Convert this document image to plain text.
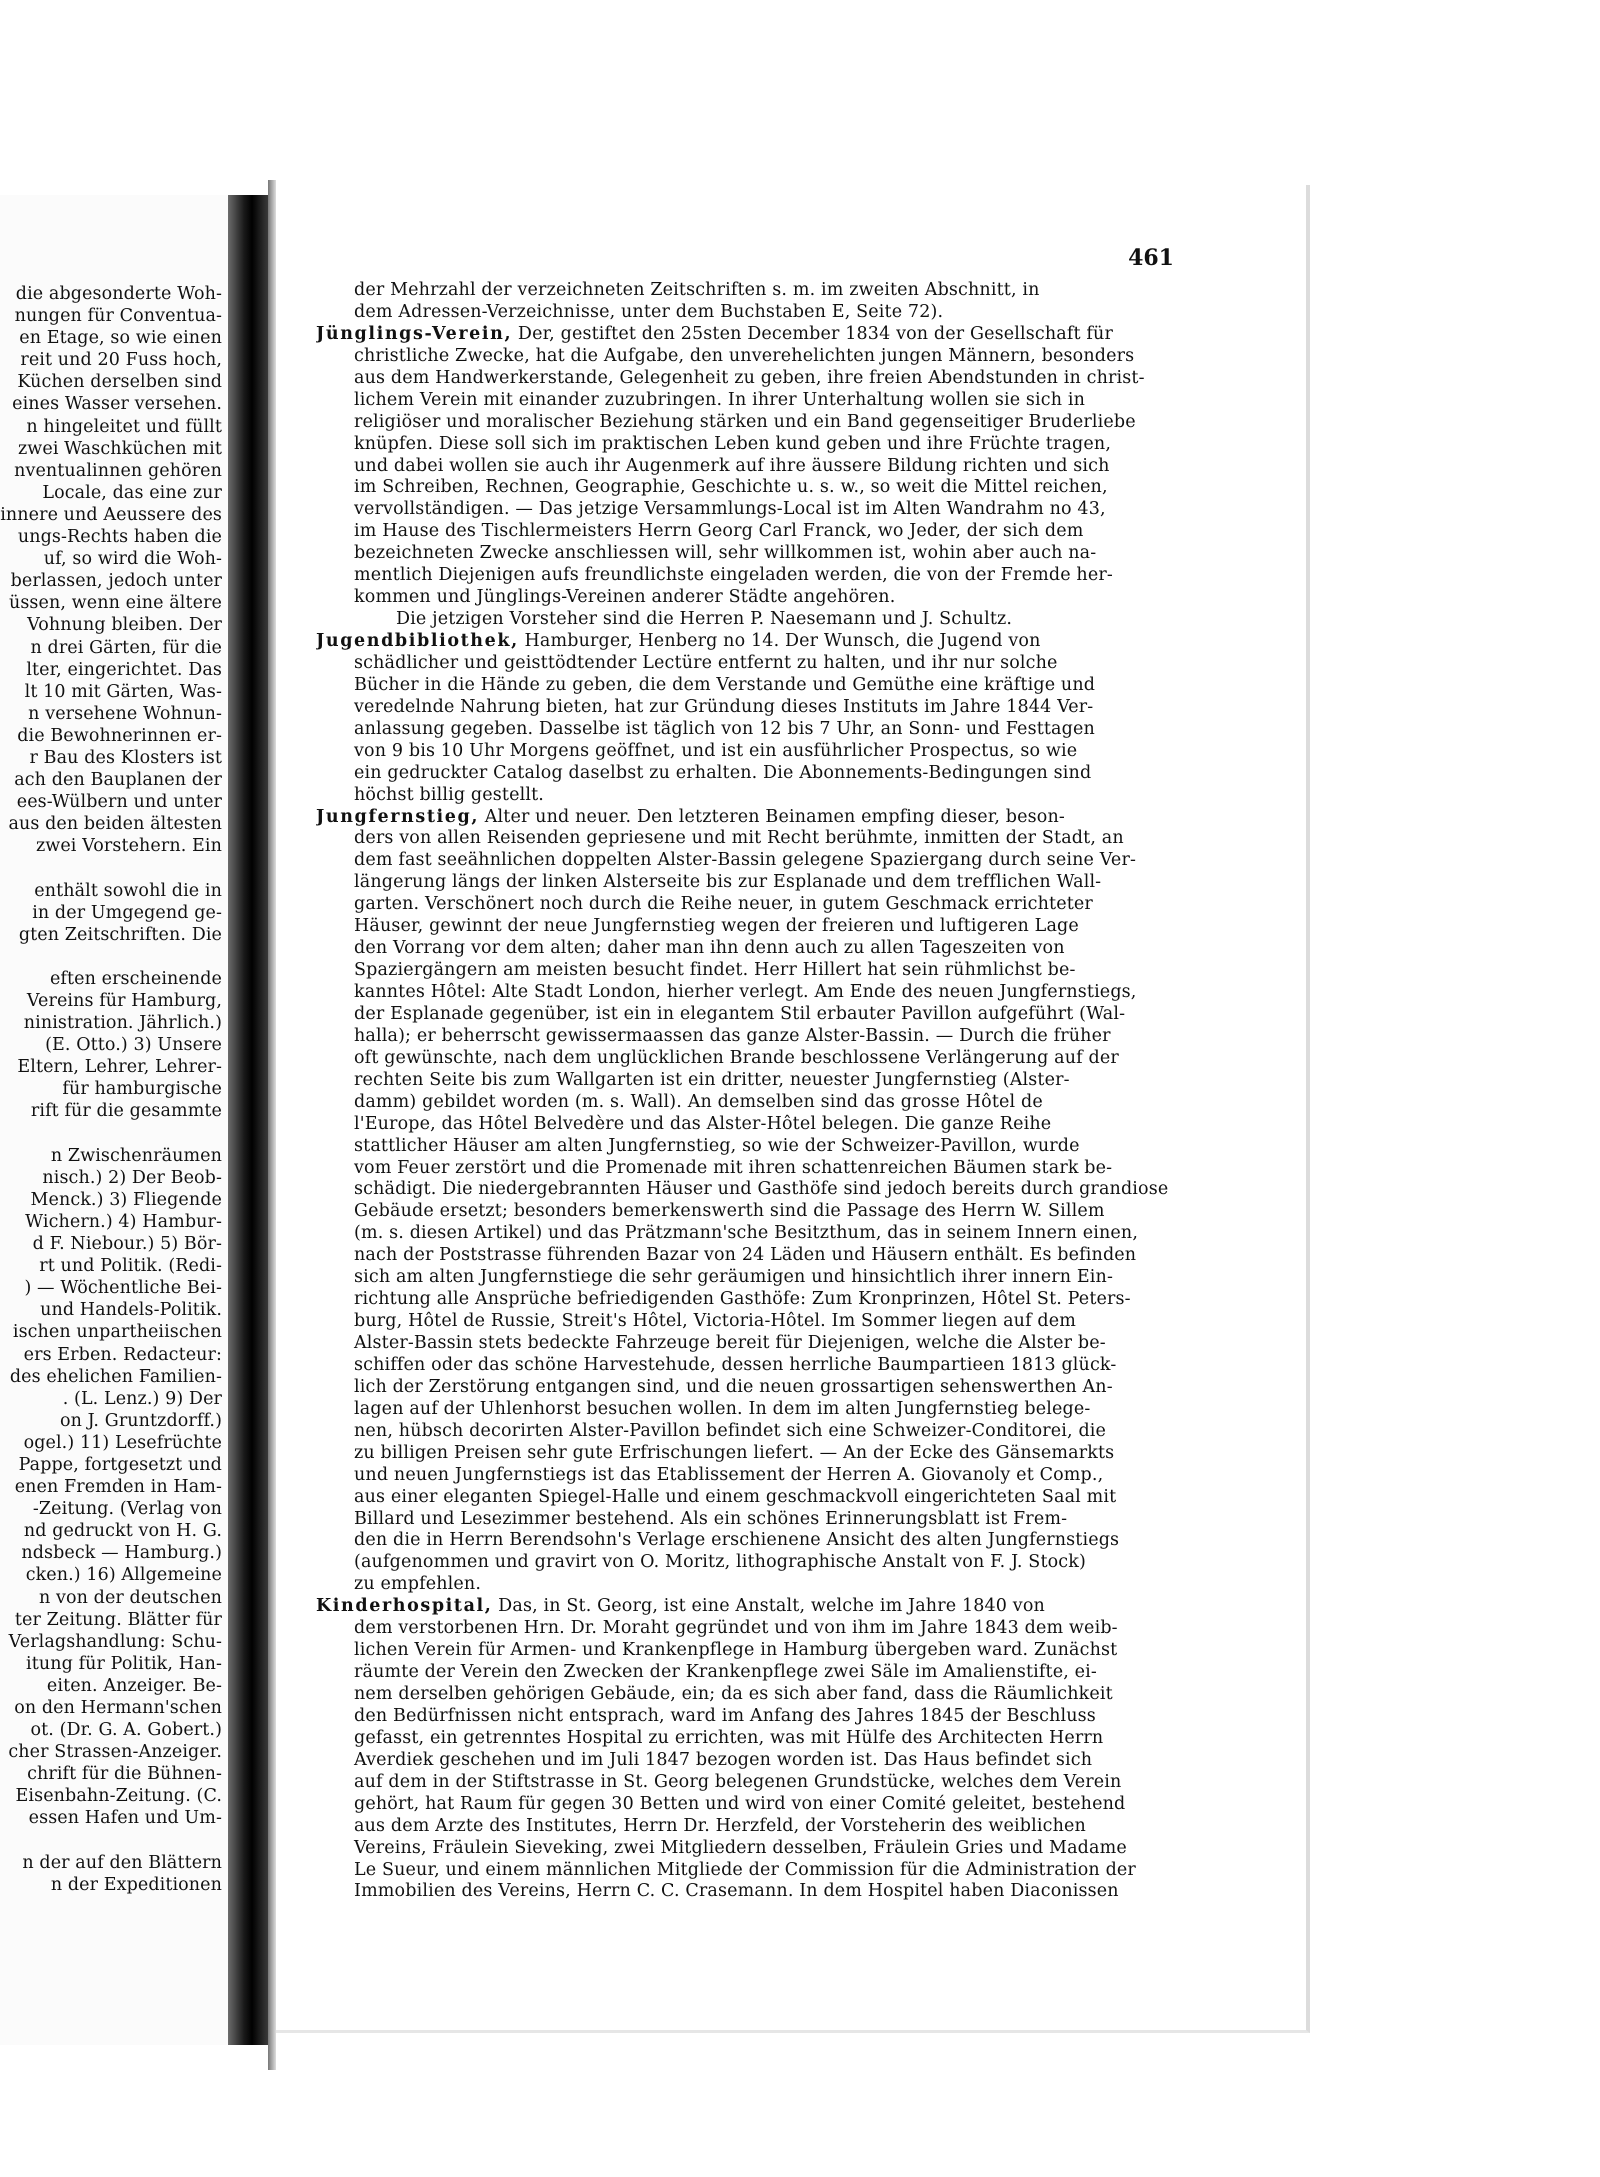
die abgesonderte Woh-
nungen für Conventua-
en Etage, so wie einen
reit und 20 Fuss hoch,
Küchen derselben sind
eines Wasser versehen.
n hingeleitet und füllt
zwei Waschküchen mit
nventualinnen gehören
Locale, das eine zur
innere und Aeussere des
ungs-Rechts haben die
uf, so wird die Woh-
berlassen, jedoch unter
üssen, wenn eine ältere
Vohnung bleiben. Der
n drei Gärten, für die
lter, eingerichtet. Das
lt 10 mit Gärten, Was-
n versehene Wohnun-
die Bewohnerinnen er-
r Bau des Klosters ist
ach den Bauplanen der
ees-Wülbern und unter
aus den beiden ältesten
zwei Vorstehern. Ein
enthält sowohl die in
in der Umgegend ge-
gten Zeitschriften. Die
eften erscheinende
Vereins für Hamburg,
ninistration. Jährlich.)
(E. Otto.) 3) Unsere
Eltern, Lehrer, Lehrer-
für hamburgische
rift für die gesammte
n Zwischenräumen
nisch.) 2) Der Beob-
Menck.) 3) Fliegende
Wichern.) 4) Hambur-
d F. Niebour.) 5) Bör-
rt und Politik. (Redi-
) — Wöchentliche Bei-
und Handels-Politik.
ischen unpartheiischen
ers Erben. Redacteur:
des ehelichen Familien-
. (L. Lenz.) 9) Der
on J. Gruntzdorff.)
ogel.) 11) Lesefrüchte
Pappe, fortgesetzt und
enen Fremden in Ham-
-Zeitung. (Verlag von
nd gedruckt von H. G.
ndsbeck — Hamburg.)
cken.) 16) Allgemeine
n von der deutschen
ter Zeitung. Blätter für
Verlagshandlung: Schu-
itung für Politik, Han-
eiten. Anzeiger. Be-
on den Hermann'schen
ot. (Dr. G. A. Gobert.)
cher Strassen-Anzeiger.
chrift für die Bühnen-
Eisenbahn-Zeitung. (C.
essen Hafen und Um-
n der auf den Blättern
n der Expeditionen
461
der Mehrzahl der verzeichneten Zeitschriften s. m. im zweiten Abschnitt, in
dem Adressen-Verzeichnisse, unter dem Buchstaben E, Seite 72).
Jünglings-Verein, Der, gestiftet den 25sten December 1834 von der Gesellschaft für
christliche Zwecke, hat die Aufgabe, den unverehelichten jungen Männern, besonders
aus dem Handwerkerstande, Gelegenheit zu geben, ihre freien Abendstunden in christ-
lichem Verein mit einander zuzubringen. In ihrer Unterhaltung wollen sie sich in
religiöser und moralischer Beziehung stärken und ein Band gegenseitiger Bruderliebe
knüpfen. Diese soll sich im praktischen Leben kund geben und ihre Früchte tragen,
und dabei wollen sie auch ihr Augenmerk auf ihre äussere Bildung richten und sich
im Schreiben, Rechnen, Geographie, Geschichte u. s. w., so weit die Mittel reichen,
vervollständigen. — Das jetzige Versammlungs-Local ist im Alten Wandrahm no 43,
im Hause des Tischlermeisters Herrn Georg Carl Franck, wo Jeder, der sich dem
bezeichneten Zwecke anschliessen will, sehr willkommen ist, wohin aber auch na-
mentlich Diejenigen aufs freundlichste eingeladen werden, die von der Fremde her-
kommen und Jünglings-Vereinen anderer Städte angehören.
Die jetzigen Vorsteher sind die Herren P. Naesemann und J. Schultz.
Jugendbibliothek, Hamburger, Henberg no 14. Der Wunsch, die Jugend von
schädlicher und geisttödtender Lectüre entfernt zu halten, und ihr nur solche
Bücher in die Hände zu geben, die dem Verstande und Gemüthe eine kräftige und
veredelnde Nahrung bieten, hat zur Gründung dieses Instituts im Jahre 1844 Ver-
anlassung gegeben. Dasselbe ist täglich von 12 bis 7 Uhr, an Sonn- und Festtagen
von 9 bis 10 Uhr Morgens geöffnet, und ist ein ausführlicher Prospectus, so wie
ein gedruckter Catalog daselbst zu erhalten. Die Abonnements-Bedingungen sind
höchst billig gestellt.
Jungfernstieg, Alter und neuer. Den letzteren Beinamen empfing dieser, beson-
ders von allen Reisenden gepriesene und mit Recht berühmte, inmitten der Stadt, an
dem fast seeähnlichen doppelten Alster-Bassin gelegene Spaziergang durch seine Ver-
längerung längs der linken Alsterseite bis zur Esplanade und dem trefflichen Wall-
garten. Verschönert noch durch die Reihe neuer, in gutem Geschmack errichteter
Häuser, gewinnt der neue Jungfernstieg wegen der freieren und luftigeren Lage
den Vorrang vor dem alten; daher man ihn denn auch zu allen Tageszeiten von
Spaziergängern am meisten besucht findet. Herr Hillert hat sein rühmlichst be-
kanntes Hôtel: Alte Stadt London, hierher verlegt. Am Ende des neuen Jungfernstiegs,
der Esplanade gegenüber, ist ein in elegantem Stil erbauter Pavillon aufgeführt (Wal-
halla); er beherrscht gewissermaassen das ganze Alster-Bassin. — Durch die früher
oft gewünschte, nach dem unglücklichen Brande beschlossene Verlängerung auf der
rechten Seite bis zum Wallgarten ist ein dritter, neuester Jungfernstieg (Alster-
damm) gebildet worden (m. s. Wall). An demselben sind das grosse Hôtel de
l'Europe, das Hôtel Belvedère und das Alster-Hôtel belegen. Die ganze Reihe
stattlicher Häuser am alten Jungfernstieg, so wie der Schweizer-Pavillon, wurde
vom Feuer zerstört und die Promenade mit ihren schattenreichen Bäumen stark be-
schädigt. Die niedergebrannten Häuser und Gasthöfe sind jedoch bereits durch grandiose
Gebäude ersetzt; besonders bemerkenswerth sind die Passage des Herrn W. Sillem
(m. s. diesen Artikel) und das Prätzmann'sche Besitzthum, das in seinem Innern einen,
nach der Poststrasse führenden Bazar von 24 Läden und Häusern enthält. Es befinden
sich am alten Jungfernstiege die sehr geräumigen und hinsichtlich ihrer innern Ein-
richtung alle Ansprüche befriedigenden Gasthöfe: Zum Kronprinzen, Hôtel St. Peters-
burg, Hôtel de Russie, Streit's Hôtel, Victoria-Hôtel. Im Sommer liegen auf dem
Alster-Bassin stets bedeckte Fahrzeuge bereit für Diejenigen, welche die Alster be-
schiffen oder das schöne Harvestehude, dessen herrliche Baumpartieen 1813 glück-
lich der Zerstörung entgangen sind, und die neuen grossartigen sehenswerthen An-
lagen auf der Uhlenhorst besuchen wollen. In dem im alten Jungfernstieg belege-
nen, hübsch decorirten Alster-Pavillon befindet sich eine Schweizer-Conditorei, die
zu billigen Preisen sehr gute Erfrischungen liefert. — An der Ecke des Gänsemarkts
und neuen Jungfernstiegs ist das Etablissement der Herren A. Giovanoly et Comp.,
aus einer eleganten Spiegel-Halle und einem geschmackvoll eingerichteten Saal mit
Billard und Lesezimmer bestehend. Als ein schönes Erinnerungsblatt ist Frem-
den die in Herrn Berendsohn's Verlage erschienene Ansicht des alten Jungfernstiegs
(aufgenommen und gravirt von O. Moritz, lithographische Anstalt von F. J. Stock)
zu empfehlen.
Kinderhospital, Das, in St. Georg, ist eine Anstalt, welche im Jahre 1840 von
dem verstorbenen Hrn. Dr. Moraht gegründet und von ihm im Jahre 1843 dem weib-
lichen Verein für Armen- und Krankenpflege in Hamburg übergeben ward. Zunächst
räumte der Verein den Zwecken der Krankenpflege zwei Säle im Amalienstifte, ei-
nem derselben gehörigen Gebäude, ein; da es sich aber fand, dass die Räumlichkeit
den Bedürfnissen nicht entsprach, ward im Anfang des Jahres 1845 der Beschluss
gefasst, ein getrenntes Hospital zu errichten, was mit Hülfe des Architecten Herrn
Averdiek geschehen und im Juli 1847 bezogen worden ist. Das Haus befindet sich
auf dem in der Stiftstrasse in St. Georg belegenen Grundstücke, welches dem Verein
gehört, hat Raum für gegen 30 Betten und wird von einer Comité geleitet, bestehend
aus dem Arzte des Institutes, Herrn Dr. Herzfeld, der Vorsteherin des weiblichen
Vereins, Fräulein Sieveking, zwei Mitgliedern desselben, Fräulein Gries und Madame
Le Sueur, und einem männlichen Mitgliede der Commission für die Administration der
Immobilien des Vereins, Herrn C. C. Crasemann. In dem Hospitel haben Diaconissen
